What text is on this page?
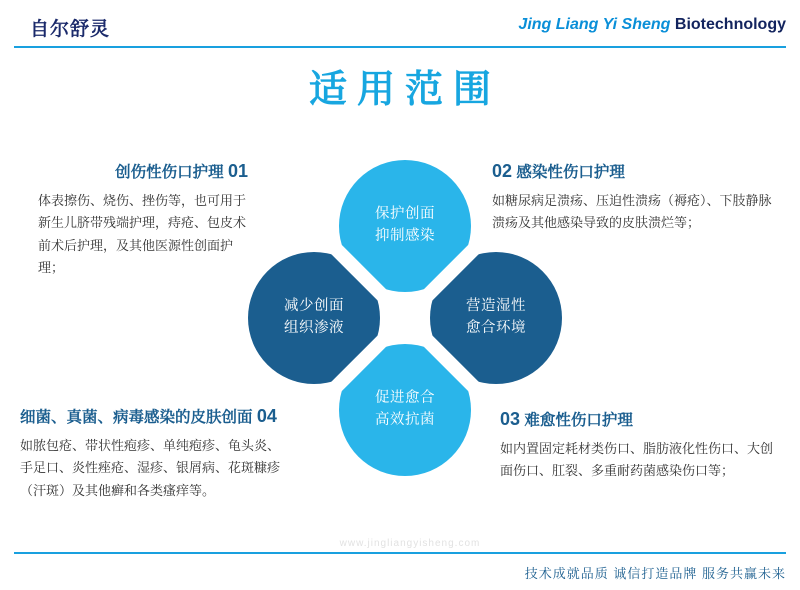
自尔舒灵	Jing Liang Yi Sheng Biotechnology
适用范围
保护创面
抑制感染
减少创面
组织渗液
营造湿性
愈合环境
促进愈合
高效抗菌
创伤性伤口护理 01
体表擦伤、烧伤、挫伤等，也可用于新生儿脐带残端护理，痔疮、包皮术前术后护理，及其他医源性创面护理；
02 感染性伤口护理
如糖尿病足溃疡、压迫性溃疡（褥疮）、下肢静脉溃疡及其他感染导致的皮肤溃烂等；
03 难愈性伤口护理
如内置固定耗材类伤口、脂肪液化性伤口、大创面伤口、肛裂、多重耐药菌感染伤口等；
细菌、真菌、病毒感染的皮肤创面 04
如脓包疮、带状性疱疹、单纯疱疹、龟头炎、手足口、炎性痤疮、湿疹、银屑病、花斑糠疹（汗斑）及其他癣和各类瘙痒等。
www.jingliangyisheng.com
技术成就品质 诚信打造品牌 服务共赢未来
